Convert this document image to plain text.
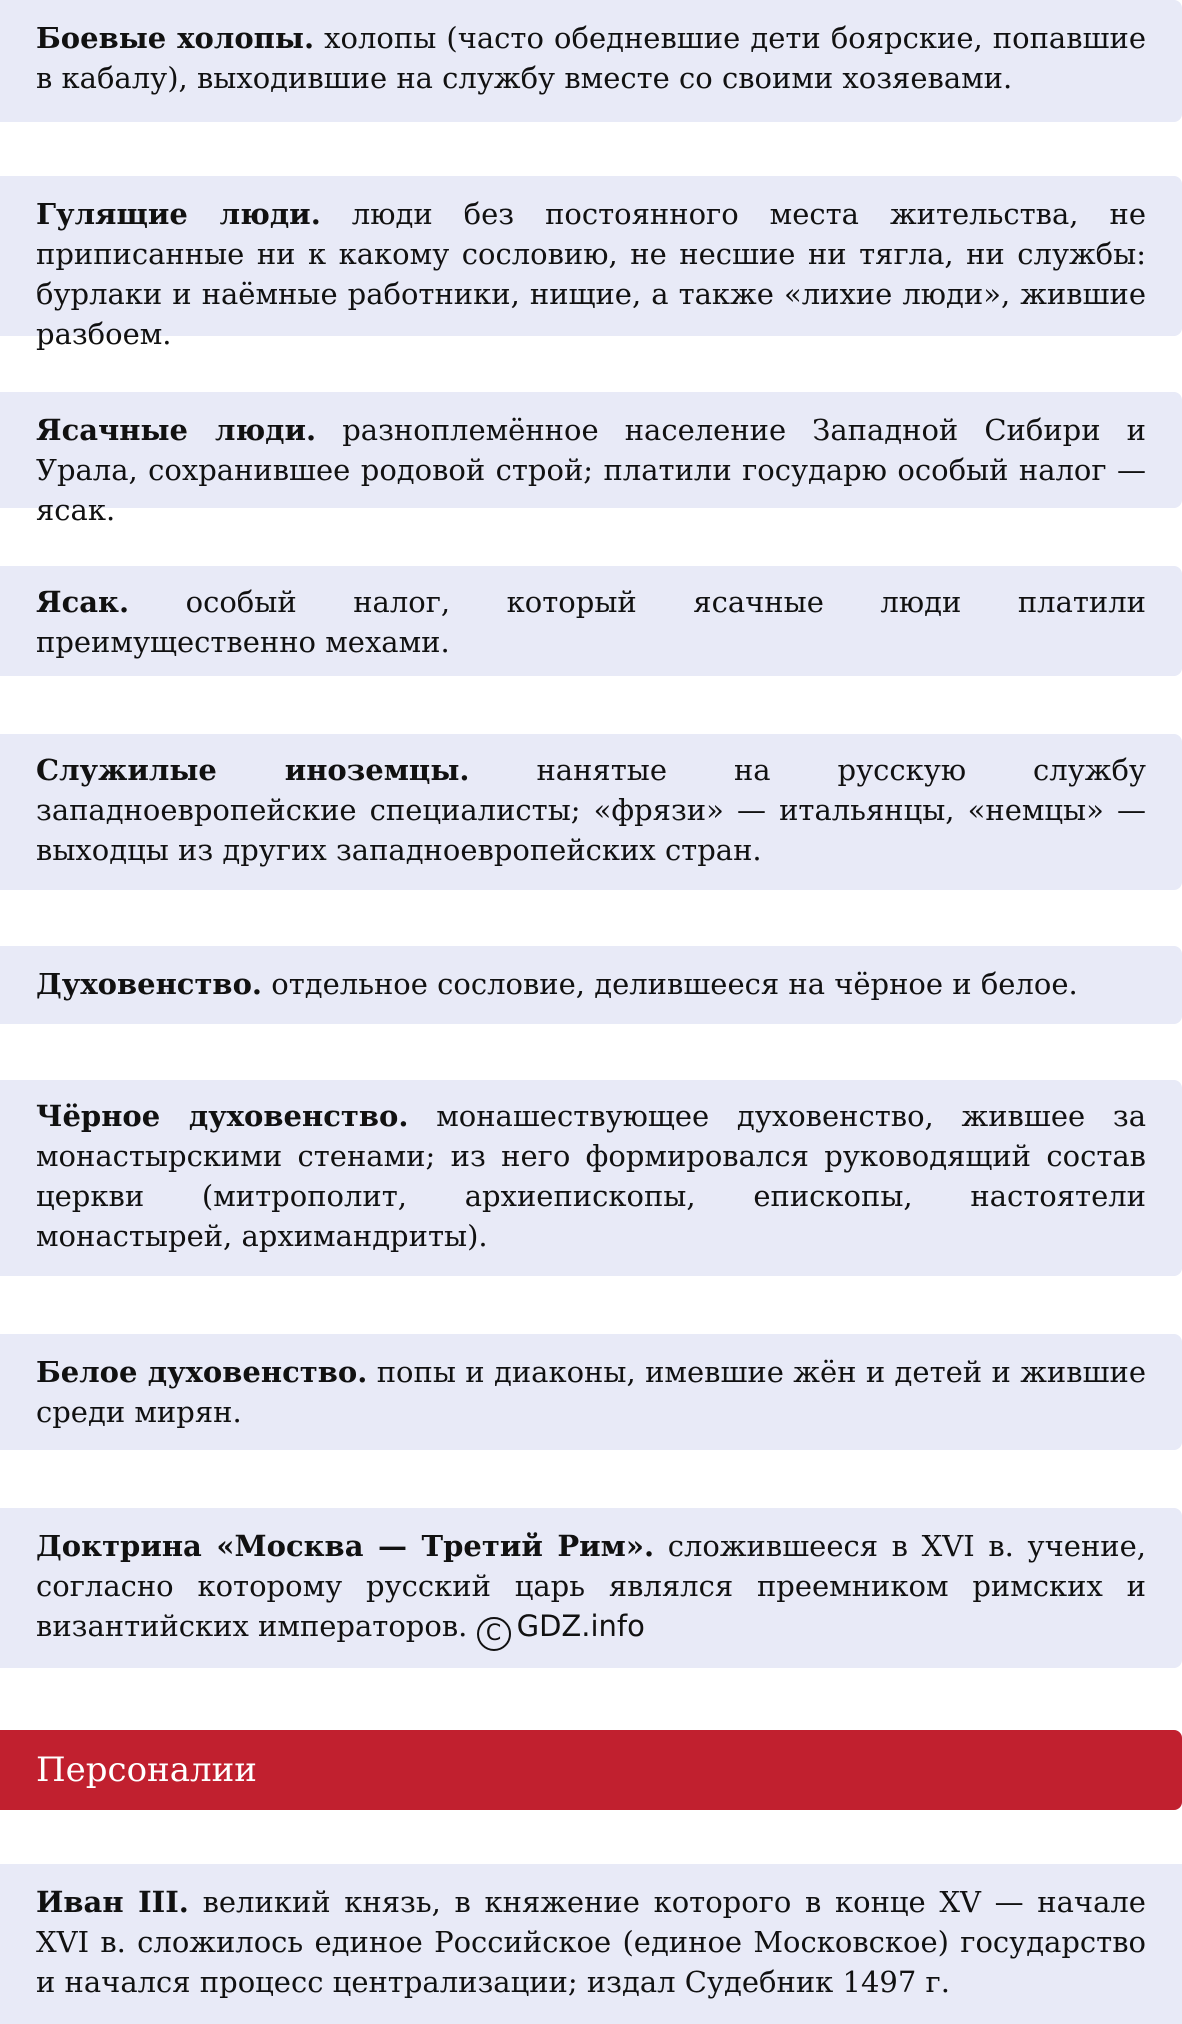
Боевые холопы. холопы (часто обедневшие дети боярские, попавшие в кабалу), выходившие на службу вместе со своими хозяевами.

Гулящие люди. люди без постоянного места жительства, не приписанные ни к какому сословию, не несшие ни тягла, ни службы: бурлаки и наёмные работники, нищие, а также «лихие люди», жившие разбоем.

Ясачные люди. разноплемённое население Западной Сибири и Урала, сохранившее родовой строй; платили государю особый налог — ясак.

Ясак. особый налог, который ясачные люди платили преимущественно мехами.

Служилые иноземцы. нанятые на русскую службу западноевропейские специалисты; «фрязи» — итальянцы, «немцы» — выходцы из других западноевропейских стран.

Духовенство. отдельное сословие, делившееся на чёрное и белое.

Чёрное духовенство. монашествующее духовенство, жившее за монастырскими стенами; из него формировался руководящий состав церкви (митрополит, архиепископы, епископы, настоятели монастырей, архимандриты).

Белое духовенство. попы и диаконы, имевшие жён и детей и жившие среди мирян.

Доктрина «Москва — Третий Рим». сложившееся в XVI в. учение, согласно которому русский царь являлся преемником римских и византийских императоров. C GDZ.info

Персоналии

Иван III. великий князь, в княжение которого в конце XV — начале XVI в. сложилось единое Российское (единое Московское) государство и начался процесс централизации; издал Судебник 1497 г.
